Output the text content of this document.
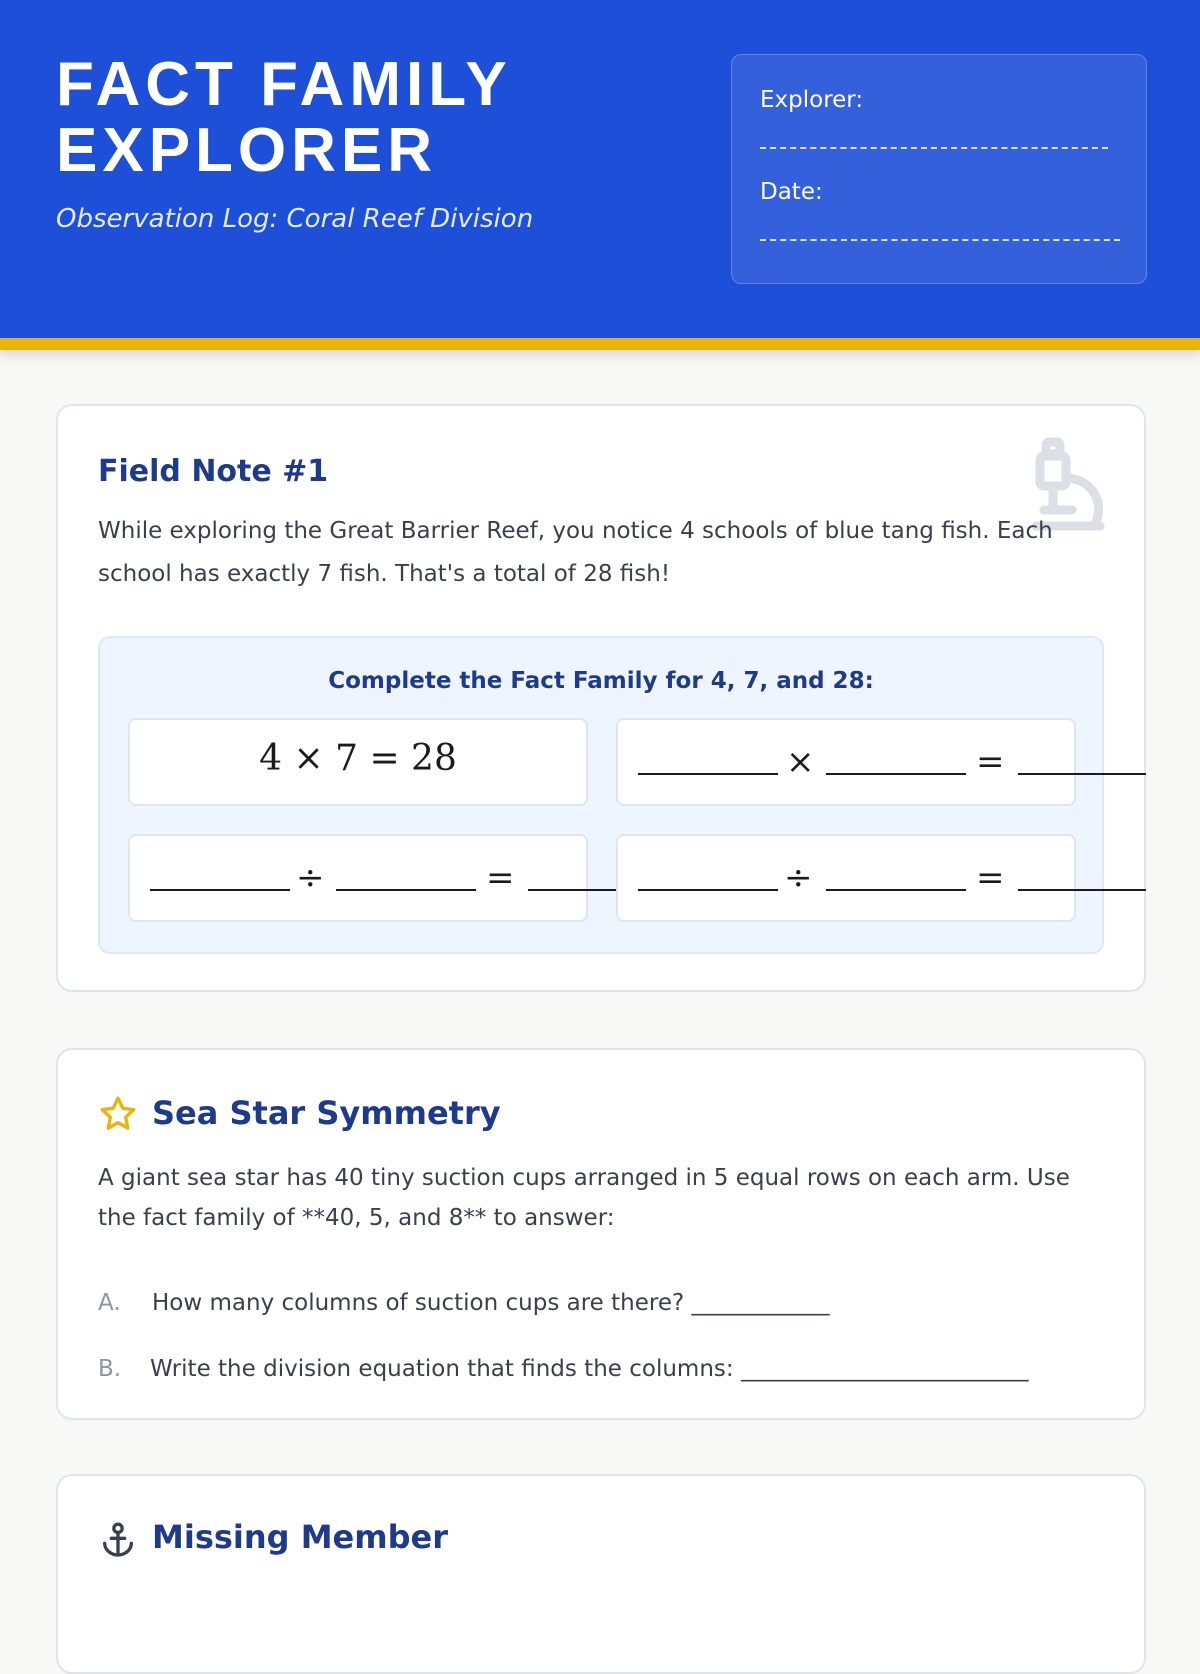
FACT FAMILY EXPLORER
Observation Log: Coral Reef Division
Explorer:
Date:
Field Note #1
While exploring the Great Barrier Reef, you notice 4 schools of blue tang fish. Each school has exactly 7 fish. That's a total of 28 fish!
Complete the Fact Family for 4, 7, and 28:
4 × 7 = 28	×	=
÷	=	÷	=
Sea Star Symmetry
A giant sea star has 40 tiny suction cups arranged in 5 equal rows on each arm. Use the fact family of **40, 5, and 8** to answer:
A. How many columns of suction cups are there? ____________
B. Write the division equation that finds the columns: _________________________
Missing Member
